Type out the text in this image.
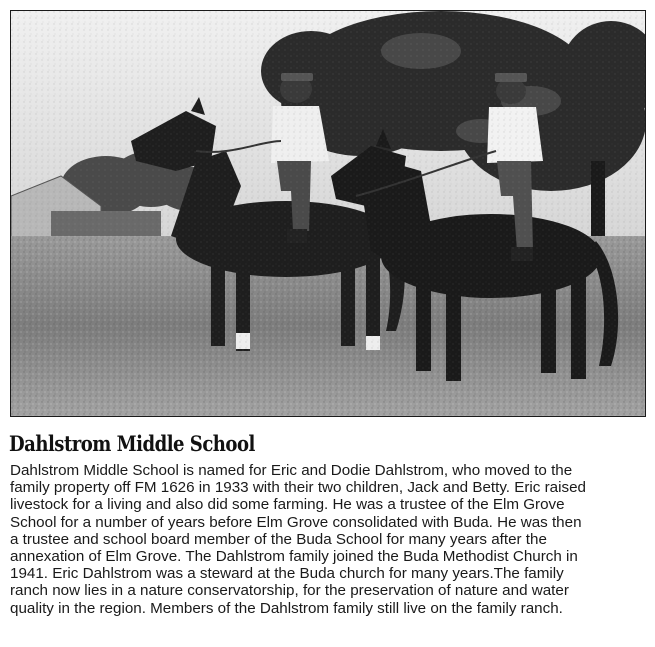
Dahlstrom Middle School

Dahlstrom Middle School is named for Eric and Dodie Dahlstrom, who moved to the
family property off FM 1626 in 1933 with their two children, Jack and Betty. Eric raised
livestock for a living and also did some farming. He was a trustee of the Elm Grove
School for a number of years before Elm Grove consolidated with Buda. He was then
a trustee and school board member of the Buda School for many years after the
annexation of Elm Grove. The Dahlstrom family joined the Buda Methodist Church in
1941. Eric Dahlstrom was a steward at the Buda church for many years.The family
ranch now lies in a nature conservatorship, for the preservation of nature and water
quality in the region. Members of the Dahlstrom family still live on the family ranch.
